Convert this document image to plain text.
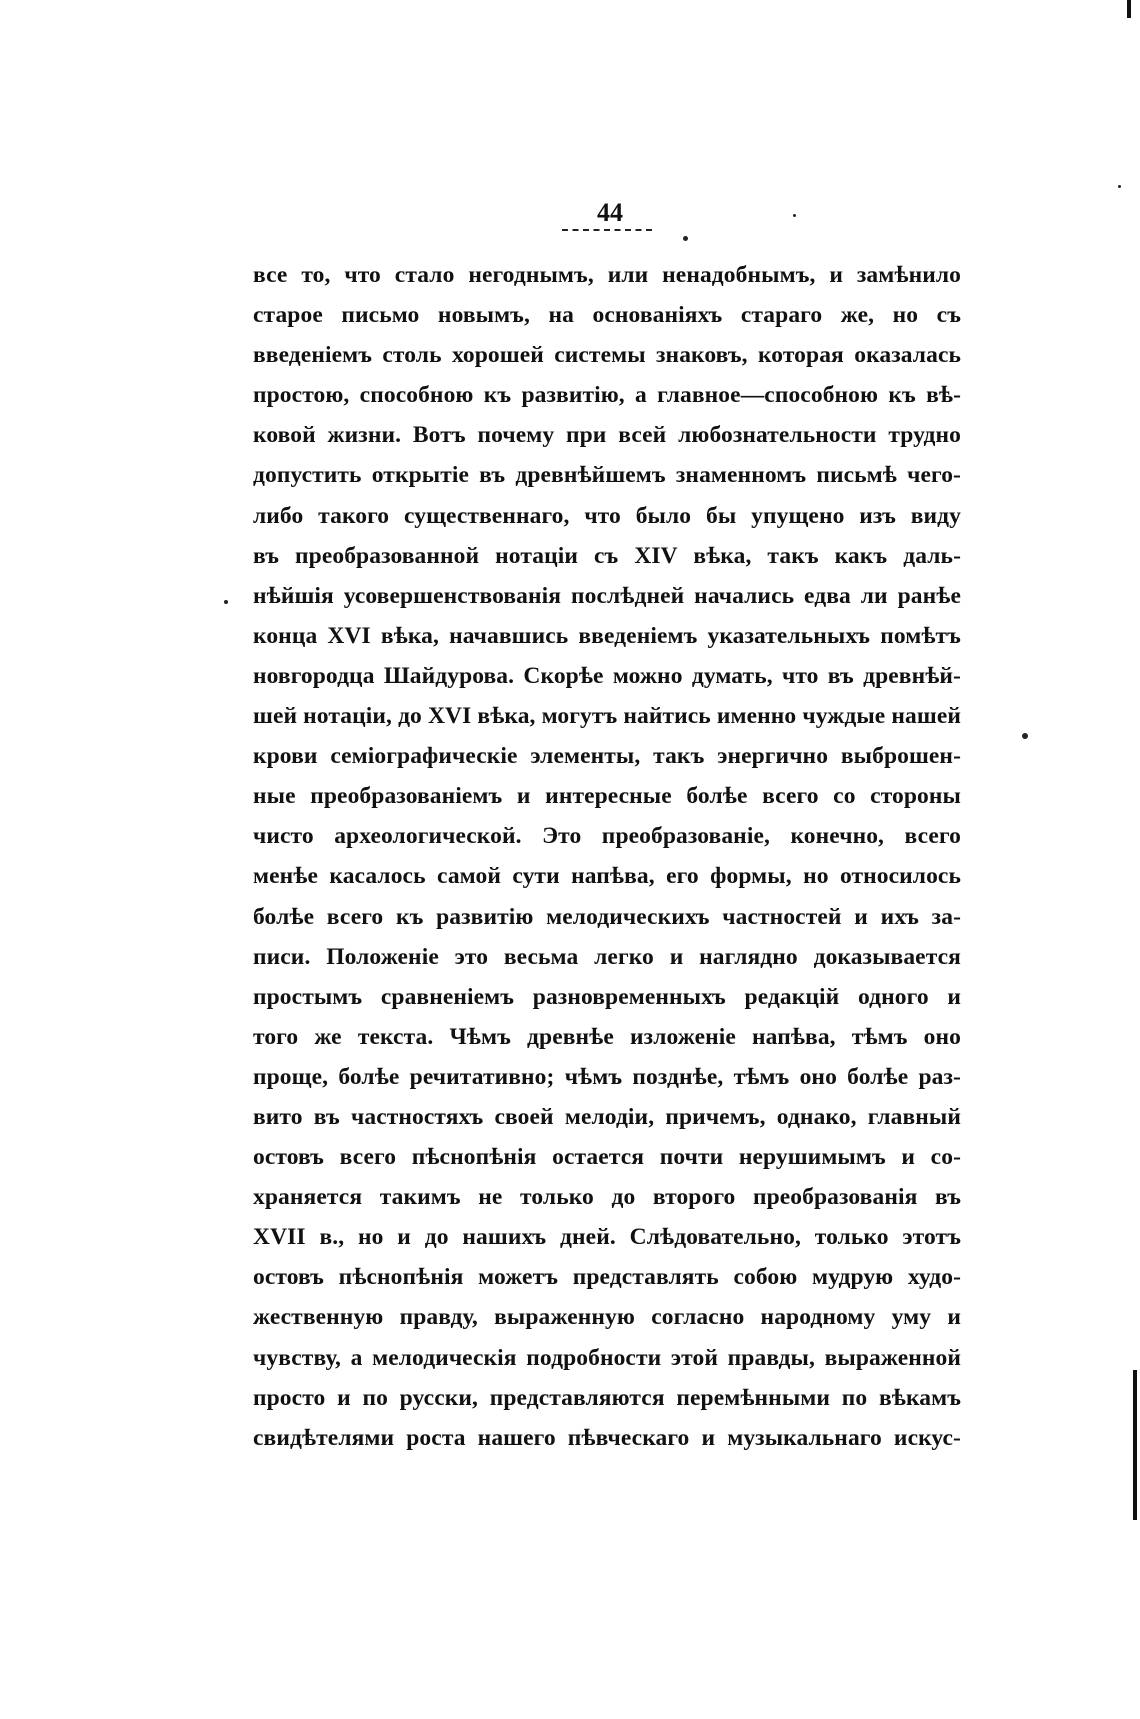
44
все то, что стало негоднымъ, или ненадобнымъ, и замѣнило
старое письмо новымъ, на основаніяхъ стараго же, но съ
введеніемъ столь хорошей системы знаковъ, которая оказалась
простою, способною къ развитію, а главное—способною къ вѣ-
ковой жизни. Вотъ почему при всей любознательности трудно
допустить открытіе въ древнѣйшемъ знаменномъ письмѣ чего-
либо такого существеннаго, что было бы упущено изъ виду
въ преобразованной нотаціи съ XIV вѣка, такъ какъ даль-
нѣйшія усовершенствованія послѣдней начались едва ли ранѣе
конца XVI вѣка, начавшись введеніемъ указательныхъ помѣтъ
новгородца Шайдурова. Скорѣе можно думать, что въ древнѣй-
шей нотаціи, до XVI вѣка, могутъ найтись именно чуждые нашей
крови семіографическіе элементы, такъ энергично выброшен-
ные преобразованіемъ и интересные болѣе всего со стороны
чисто археологической. Это преобразованіе, конечно, всего
менѣе касалось самой сути напѣва, его формы, но относилось
болѣе всего къ развитію мелодическихъ частностей и ихъ за-
писи. Положеніе это весьма легко и наглядно доказывается
простымъ сравненіемъ разновременныхъ редакцій одного и
того же текста. Чѣмъ древнѣе изложеніе напѣва, тѣмъ оно
проще, болѣе речитативно; чѣмъ позднѣе, тѣмъ оно болѣе раз-
вито въ частностяхъ своей мелодіи, причемъ, однако, главный
остовъ всего пѣснопѣнія остается почти нерушимымъ и со-
храняется такимъ не только до второго преобразованія въ
XVII в., но и до нашихъ дней. Слѣдовательно, только этотъ
остовъ пѣснопѣнія можетъ представлять собою мудрую худо-
жественную правду, выраженную согласно народному уму и
чувству, а мелодическія подробности этой правды, выраженной
просто и по русски, представляются перемѣнными по вѣкамъ
свидѣтелями роста нашего пѣвческаго и музыкальнаго искус-
